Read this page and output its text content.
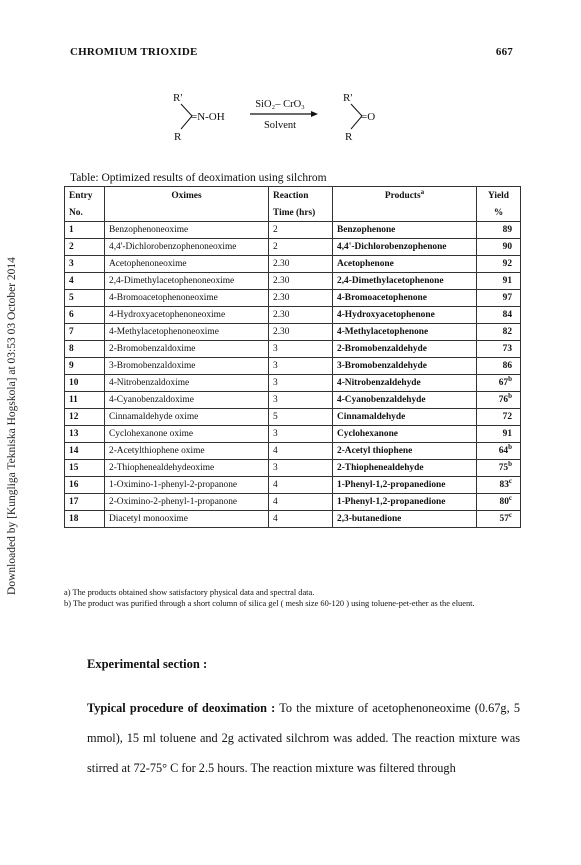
Downloaded by [Kungliga Tekniska Hogskola] at 03:53 03 October 2014
CHROMIUM TRIOXIDE	667
R'
=N-OH
R
SiO₂– CrO₃
Solvent
R'
=O
R
Table: Optimized results of deoximation using silchrom
Entry	Oximes	Reaction	Products$^a$	Yield
No.		Time (hrs)		%
1	Benzophenoneoxime	2	Benzophenone	89
2	4,4'-Dichlorobenzophenoneoxime	2	4,4'-Dichlorobenzophenone	90
3	Acetophenoneoxime	2.30	Acetophenone	92
4	2,4-Dimethylacetophenoneoxime	2.30	2,4-Dimethylacetophenone	91
5	4-Bromoacetophenoneoxime	2.30	4-Bromoacetophenone	97
6	4-Hydroxyacetophenoneoxime	2.30	4-Hydroxyacetophenone	84
7	4-Methylacetophenoneoxime	2.30	4-Methylacetophenone	82
8	2-Bromobenzaldoxime	3	2-Bromobenzaldehyde	73
9	3-Bromobenzaldoxime	3	3-Bromobenzaldehyde	86
10	4-Nitrobenzaldoxime	3	4-Nitrobenzaldehyde	67$^b$
11	4-Cyanobenzaldoxime	3	4-Cyanobenzaldehyde	76$^b$
12	Cinnamaldehyde oxime	5	Cinnamaldehyde	72
13	Cyclohexanone oxime	3	Cyclohexanone	91
14	2-Acetylthiophene oxime	4	2-Acetyl thiophene	64$^b$
15	2-Thiophenealdehydeoxime	3	2-Thiophenealdehyde	75$^b$
16	1-Oximino-1-phenyl-2-propanone	4	1-Phenyl-1,2-propanedione	83$^c$
17	2-Oximino-2-phenyl-1-propanone	4	1-Phenyl-1,2-propanedione	80$^c$
18	Diacetyl monooxime	4	2,3-butanedione	57$^c$

a) The products obtained show satisfactory physical data and spectral data.

b) The product was purified through a short column of silica gel ( mesh size 60-120 ) using toluene-pet-ether as the eluent.

Experimental section :
Typical procedure of deoximation : To the mixture of acetophenoneoxime (0.67g, 5 mmol), 15 ml toluene and 2g activated silchrom was added. The reaction mixture was stirred at 72-75° C for 2.5 hours. The reaction mixture was filtered through
